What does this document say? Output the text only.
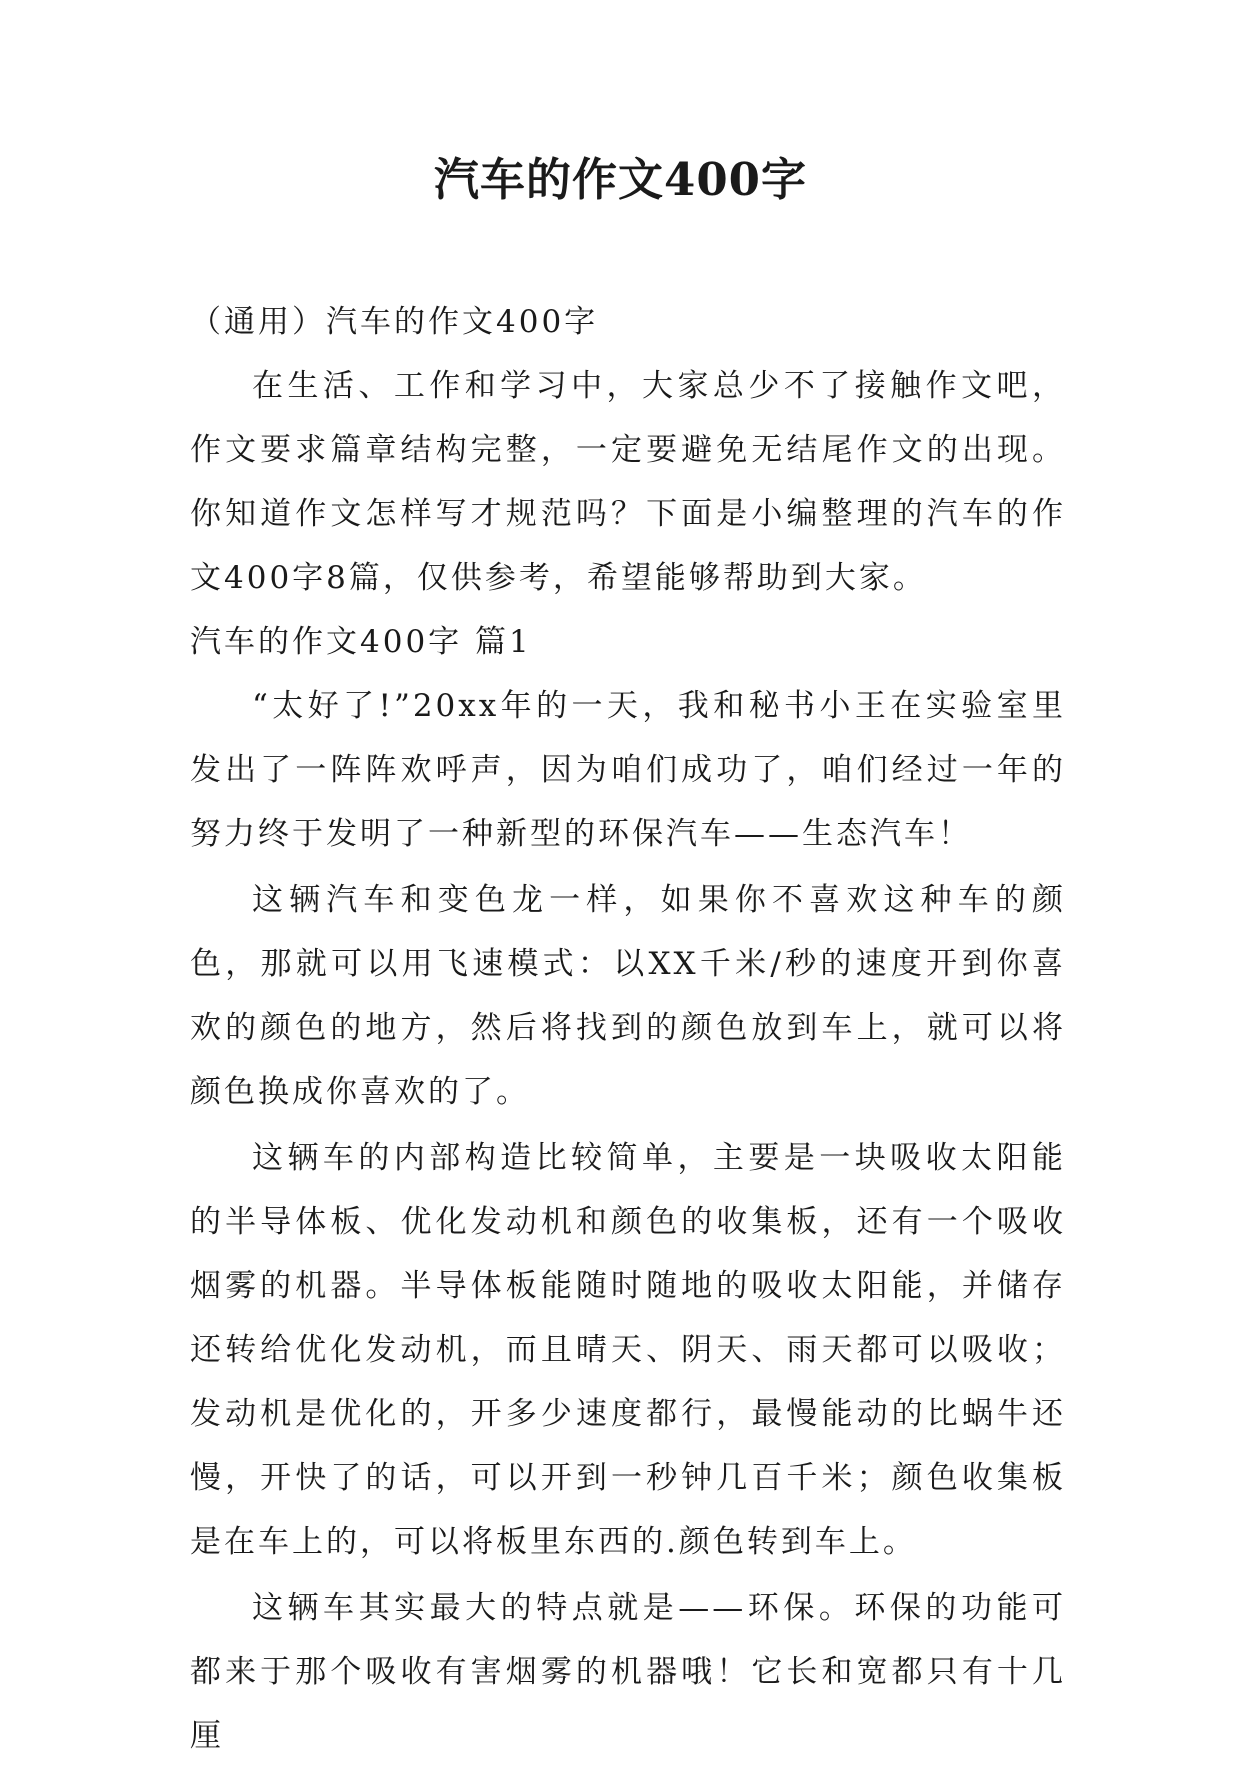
汽车的作文400字

（通用）汽车的作文400字

在生活、工作和学习中，大家总少不了接触作文吧，作文要求篇章结构完整，一定要避免无结尾作文的出现。你知道作文怎样写才规范吗？下面是小编整理的汽车的作文400字8篇，仅供参考，希望能够帮助到大家。

汽车的作文400字 篇1

“太好了!”20xx年的一天，我和秘书小王在实验室里发出了一阵阵欢呼声，因为咱们成功了，咱们经过一年的努力终于发明了一种新型的环保汽车——生态汽车！

这辆汽车和变色龙一样，如果你不喜欢这种车的颜色，那就可以用飞速模式：以XX千米/秒的速度开到你喜欢的颜色的地方，然后将找到的颜色放到车上，就可以将颜色换成你喜欢的了。

这辆车的内部构造比较简单，主要是一块吸收太阳能的半导体板、优化发动机和颜色的收集板，还有一个吸收烟雾的机器。半导体板能随时随地的吸收太阳能，并储存还转给优化发动机，而且晴天、阴天、雨天都可以吸收；发动机是优化的，开多少速度都行，最慢能动的比蜗牛还慢，开快了的话，可以开到一秒钟几百千米；颜色收集板是在车上的，可以将板里东西的.颜色转到车上。

这辆车其实最大的特点就是——环保。环保的功能可都来于那个吸收有害烟雾的机器哦！它长和宽都只有十几厘
